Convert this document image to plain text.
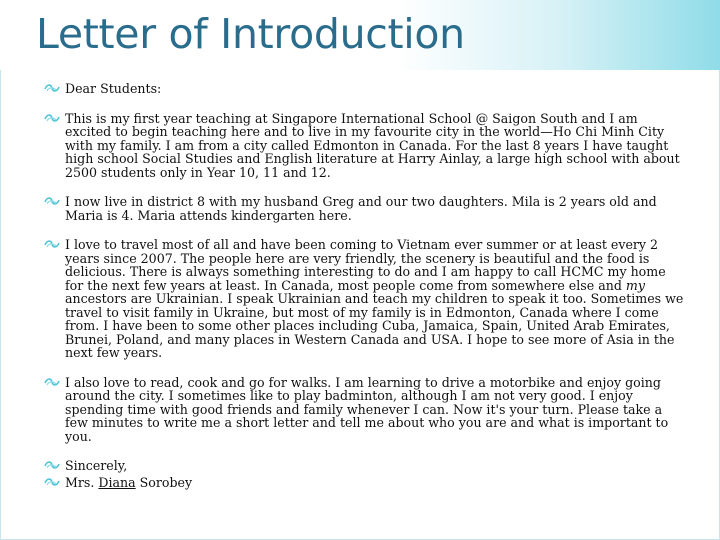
Letter of Introduction
Dear Students:
This is my first year teaching at Singapore International School @ Saigon South and I am excited to begin teaching here and to live in my favourite city in the world—Ho Chi Minh City with my family. I am from a city called Edmonton in Canada. For the last 8 years I have taught high school Social Studies and English literature at Harry Ainlay, a large high school with about 2500 students only in Year 10, 11 and 12.
I now live in district 8 with my husband Greg and our two daughters. Mila is 2 years old and Maria is 4. Maria attends kindergarten here.
I love to travel most of all and have been coming to Vietnam ever summer or at least every 2 years since 2007. The people here are very friendly, the scenery is beautiful and the food is delicious. There is always something interesting to do and I am happy to call HCMC my home for the next few years at least. In Canada, most people come from somewhere else and my ancestors are Ukrainian. I speak Ukrainian and teach my children to speak it too. Sometimes we travel to visit family in Ukraine, but most of my family is in Edmonton, Canada where I come from. I have been to some other places including Cuba, Jamaica, Spain, United Arab Emirates, Brunei, Poland, and many places in Western Canada and USA. I hope to see more of Asia in the next few years.
I also love to read, cook and go for walks. I am learning to drive a motorbike and enjoy going around the city. I sometimes like to play badminton, although I am not very good. I enjoy spending time with good friends and family whenever I can. Now it's your turn. Please take a few minutes to write me a short letter and tell me about who you are and what is important to you.
Sincerely,
Mrs. Diana Sorobey
